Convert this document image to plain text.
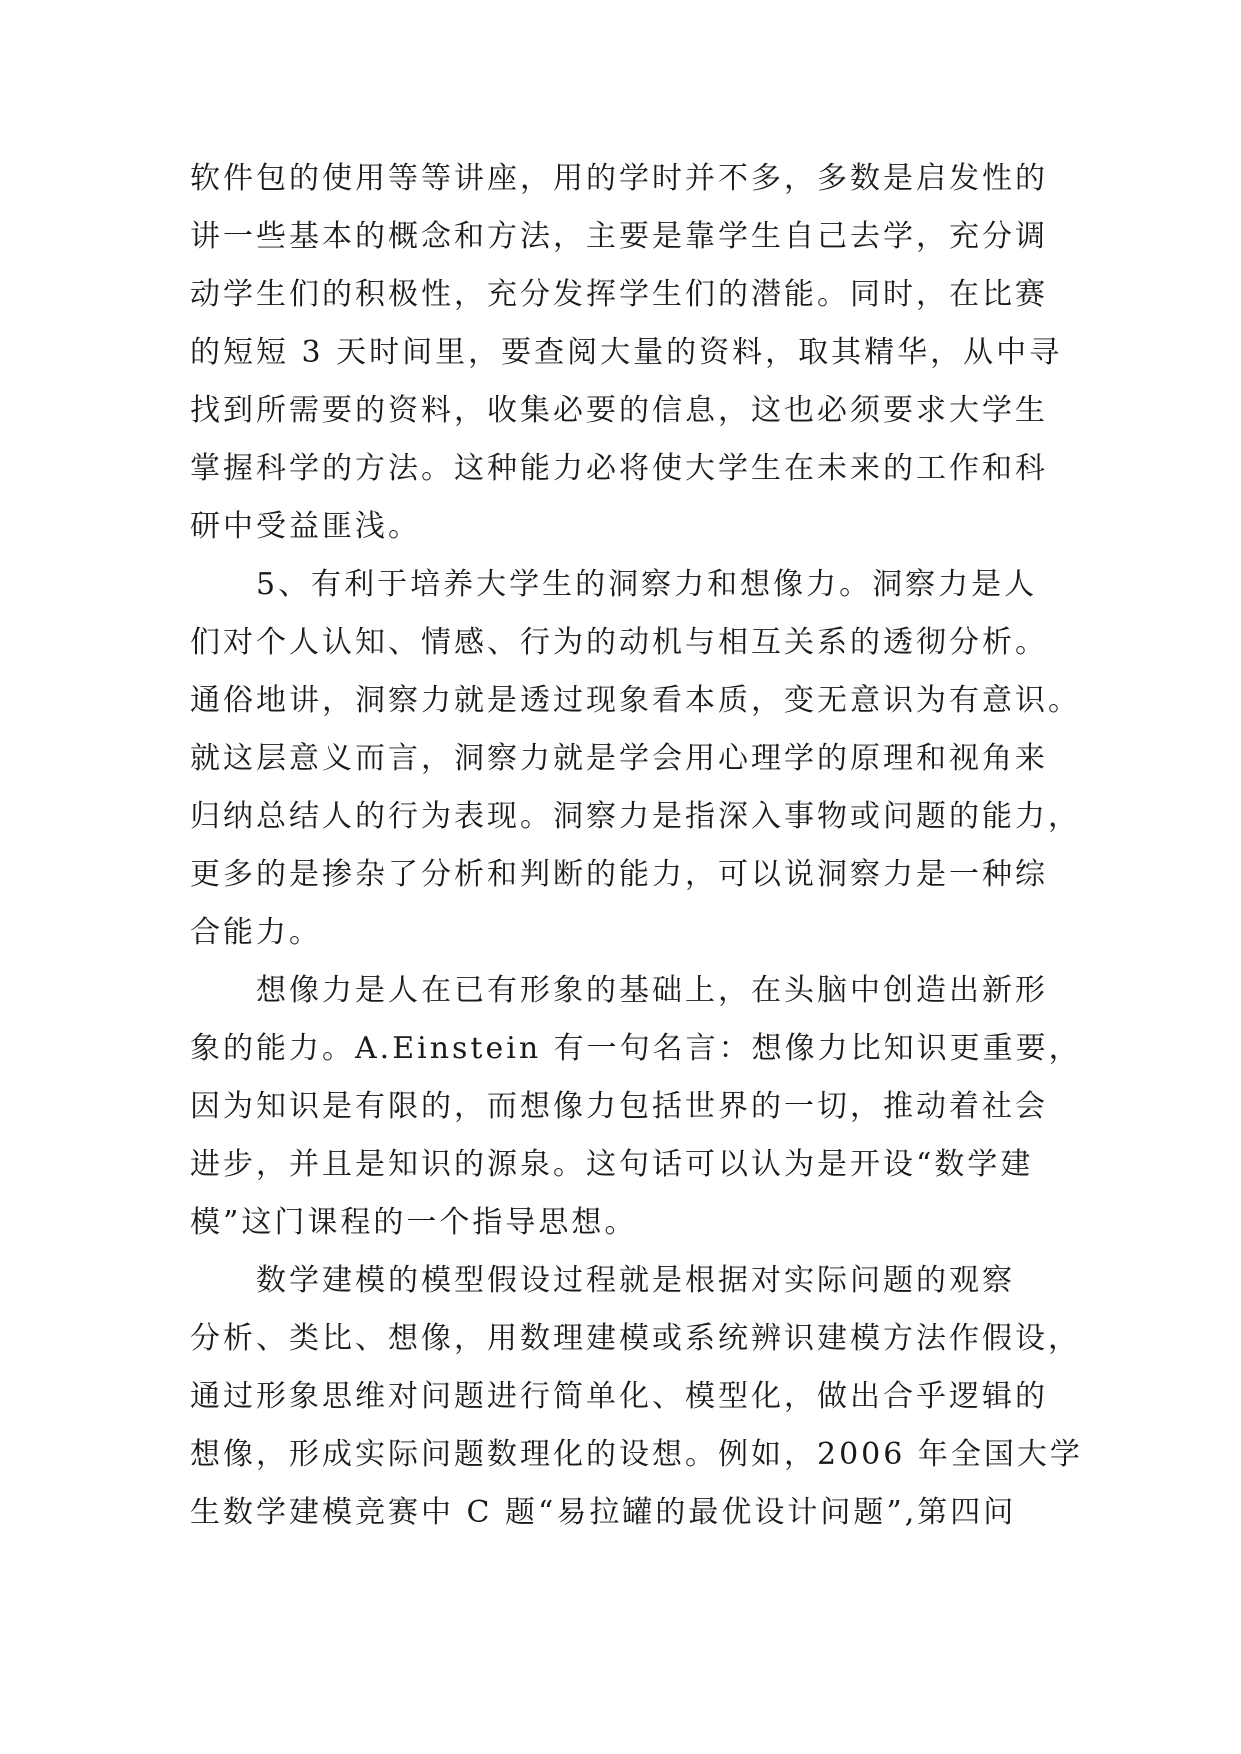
软件包的使用等等讲座，用的学时并不多，多数是启发性的
讲一些基本的概念和方法，主要是靠学生自己去学，充分调
动学生们的积极性，充分发挥学生们的潜能。同时，在比赛
的短短 3 天时间里，要查阅大量的资料，取其精华，从中寻
找到所需要的资料，收集必要的信息，这也必须要求大学生
掌握科学的方法。这种能力必将使大学生在未来的工作和科
研中受益匪浅。
5、有利于培养大学生的洞察力和想像力。洞察力是人
们对个人认知、情感、行为的动机与相互关系的透彻分析。
通俗地讲，洞察力就是透过现象看本质，变无意识为有意识。
就这层意义而言，洞察力就是学会用心理学的原理和视角来
归纳总结人的行为表现。洞察力是指深入事物或问题的能力，
更多的是掺杂了分析和判断的能力，可以说洞察力是一种综
合能力。
想像力是人在已有形象的基础上，在头脑中创造出新形
象的能力。A.Einstein 有一句名言：想像力比知识更重要，
因为知识是有限的，而想像力包括世界的一切，推动着社会
进步，并且是知识的源泉。这句话可以认为是开设“数学建
模”这门课程的一个指导思想。
数学建模的模型假设过程就是根据对实际问题的观察
分析、类比、想像，用数理建模或系统辨识建模方法作假设，
通过形象思维对问题进行简单化、模型化，做出合乎逻辑的
想像，形成实际问题数理化的设想。例如，2006 年全国大学
生数学建模竞赛中 C 题“易拉罐的最优设计问题”,第四问
